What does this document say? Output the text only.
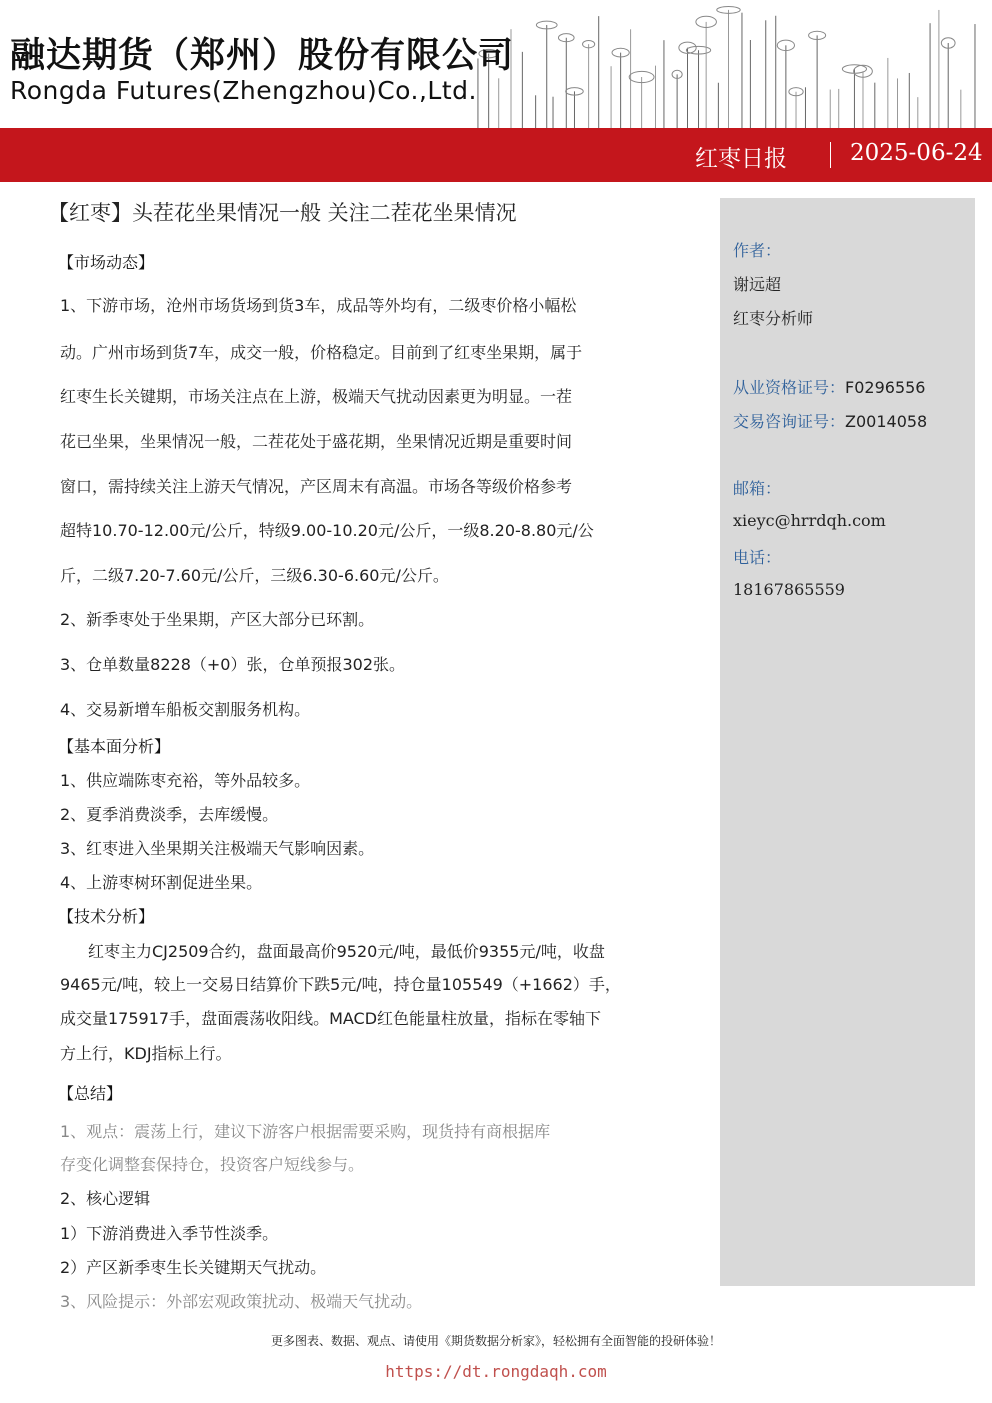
融达期货（郑州）股份有限公司
Rongda Futures(Zhengzhou)Co.,Ltd.
红枣日报	2025-06-24
【红枣】头茬花坐果情况一般 关注二茬花坐果情况
作者：
谢远超
红枣分析师
从业资格证号：F0296556
交易咨询证号：Z0014058
邮箱：
xieyc@hrrdqh.com
电话：
18167865559
【市场动态】
1、下游市场，沧州市场货场到货3车，成品等外均有，二级枣价格小幅松
动。广州市场到货7车，成交一般，价格稳定。目前到了红枣坐果期，属于
红枣生长关键期，市场关注点在上游，极端天气扰动因素更为明显。一茬
花已坐果，坐果情况一般，二茬花处于盛花期，坐果情况近期是重要时间
窗口，需持续关注上游天气情况，产区周末有高温。市场各等级价格参考
超特10.70-12.00元/公斤，特级9.00-10.20元/公斤，一级8.20-8.80元/公
斤，二级7.20-7.60元/公斤，三级6.30-6.60元/公斤。
2、新季枣处于坐果期，产区大部分已环割。
3、仓单数量8228（+0）张，仓单预报302张。
4、交易新增车船板交割服务机构。
【基本面分析】
1、供应端陈枣充裕，等外品较多。
2、夏季消费淡季，去库缓慢。
3、红枣进入坐果期关注极端天气影响因素。
4、上游枣树环割促进坐果。
【技术分析】
红枣主力CJ2509合约，盘面最高价9520元/吨，最低价9355元/吨，收盘
9465元/吨，较上一交易日结算价下跌5元/吨，持仓量105549（+1662）手，
成交量175917手，盘面震荡收阳线。MACD红色能量柱放量，指标在零轴下
方上行，KDJ指标上行。
【总结】
1、观点：震荡上行，建议下游客户根据需要采购，现货持有商根据库
存变化调整套保持仓，投资客户短线参与。
2、核心逻辑
1）下游消费进入季节性淡季。
2）产区新季枣生长关键期天气扰动。
3、风险提示：外部宏观政策扰动、极端天气扰动。
更多图表、数据、观点、请使用《期货数据分析家》，轻松拥有全面智能的投研体验！
https://dt.rongdaqh.com
